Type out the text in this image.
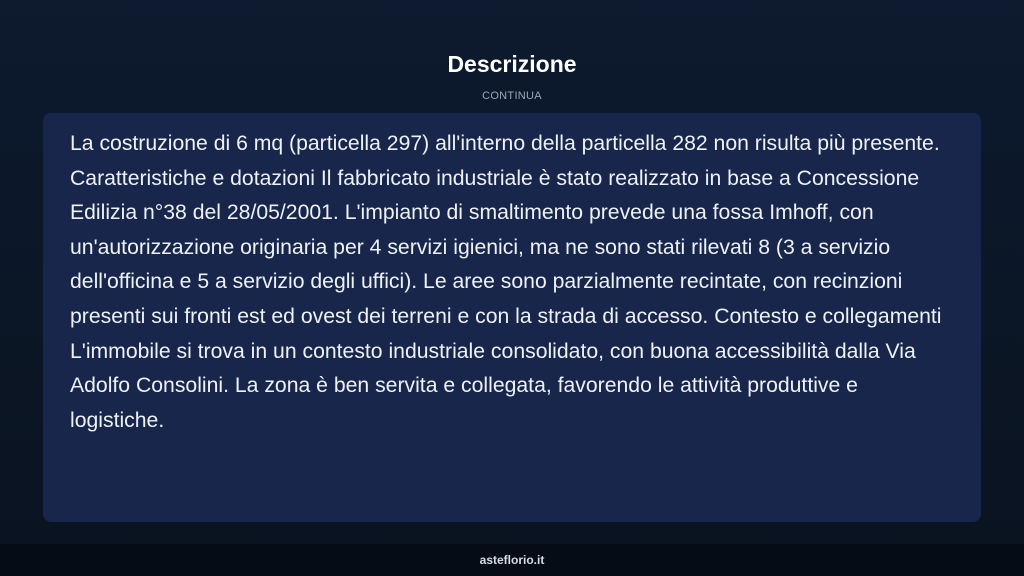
Descrizione
CONTINUA

La costruzione di 6 mq (particella 297) all'interno della particella 282 non risulta più presente. Caratteristiche e dotazioni Il fabbricato industriale è stato realizzato in base a Concessione Edilizia n°38 del 28/05/2001. L'impianto di smaltimento prevede una fossa Imhoff, con un'autorizzazione originaria per 4 servizi igienici, ma ne sono stati rilevati 8 (3 a servizio dell'officina e 5 a servizio degli uffici). Le aree sono parzialmente recintate, con recinzioni presenti sui fronti est ed ovest dei terreni e con la strada di accesso. Contesto e collegamenti L'immobile si trova in un contesto industriale consolidato, con buona accessibilità dalla Via Adolfo Consolini. La zona è ben servita e collegata, favorendo le attività produttive e logistiche.

asteflorio.it
